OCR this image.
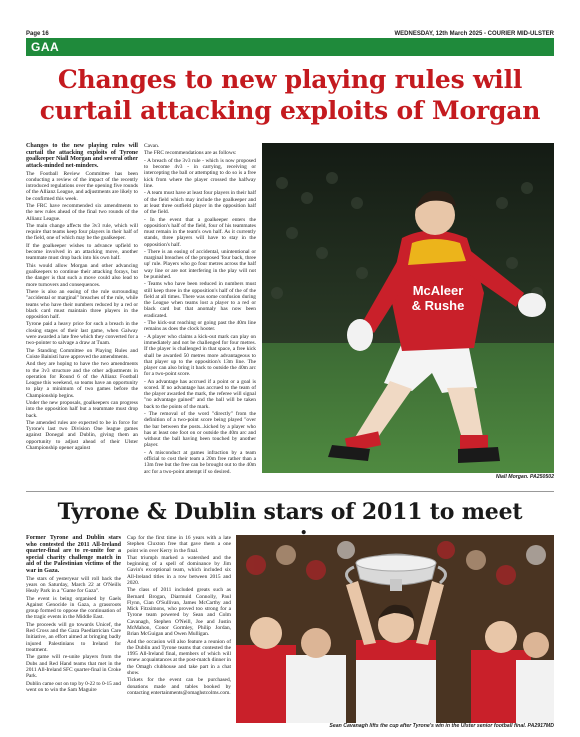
Page 16	WEDNESDAY, 12th March 2025 - COURIER MID-ULSTER
GAA
Changes to new playing rules will curtail attacking exploits of Morgan

Changes to the new playing rules will curtail the attacking exploits of Tyrone goalkeeper Niall Morgan and several other attack-minded net-minders.

The Football Review Committee has been conducting a review of the impact of the recently introduced regulations over the opening five rounds of the Allianz League, and adjustments are likely to be confirmed this week.

The FRC have recommended six amendments to the new rules ahead of the final two rounds of the Allianz League.

The main change affects the 3v3 rule, which will require that teams keep four players in their half of the field, one of which may be the goalkeeper.

If the goalkeeper wishes to advance upfield to become involved in an attacking move, another teammate must drop back into his own half.

This would allow Morgan and other advancing goalkeepers to continue their attacking forays, but the danger is that such a move could also lead to more turnovers and consequences.

There is also an easing of the rule surrounding "accidental or marginal" breaches of the rule, while teams who have their numbers reduced by a red or black card must maintain three players in the opposition half.

Tyrone paid a heavy price for such a breach in the closing stages of their last game, when Galway were awarded a late free which they converted for a two-pointer to salvage a draw at Tuam.

The Standing Committee on Playing Rules and Coiste Bainistí have approved the amendments.

And they are hoping to have the two amendments to the 3v3 structure and the other adjustments in operation for Round 6 of the Allianz Football League this weekend, so teams have an opportunity to play a minimum of two games before the Championship begins.

Under the new proposals, goalkeepers can progress into the opposition half but a teammate must drop back.

The amended rules are expected to be in force for Tyrone's last two Division One league games against Donegal and Dublin, giving them an opportunity to adjust ahead of their Ulster Championship opener against

Cavan.

The FRC recommendations are as follows:

- A breach of the 3v3 rule - which is now proposed to become 4v3 - in carrying, receiving or intercepting the ball or attempting to do so is a free kick from where the player crossed the halfway line.

- A team must have at least four players in their half of the field which may include the goalkeeper and at least three outfield player in the opposition half of the field.

- In the event that a goalkeeper enters the opposition's half of the field, four of his teammates must remain in the team's own half. As it currently stands, three players will have to stay in the opposition's half.

- There is an easing of accidental, unintentional or marginal breaches of the proposed 'four back, three up' rule. Players who go four metres across the half way line or are not interfering in the play will not be punished.

- Teams who have been reduced in numbers must still keep three in the opposition's half of the of the field at all times. There was some confusion during the League when teams lost a player to a red or black card but that anomaly has now been eradicated.

- The kick-out reaching or going past the 40m line remains as does the clock hooter.

- A player who claims a kick-out mark can play on immediately and not be challenged for four metres. If the player is challenged in that space, a free kick shall be awarded 50 metres more advantageous to that player up to the opposition's 13m line. The player can also bring it back to outside the 40m arc for a two-point score.

- An advantage has accrued if a point or a goal is scored. If no advantage has accrued to the team of the player awarded the mark, the referee will signal "no advantage gained" and the ball will be taken back to the points of the mark.

- The removal of the word "directly" from the definition of a two-point score being played "over the bar between the posts...kicked by a player who has at least one foot on or outside the 40m arc and without the ball having been touched by another player.

- A misconduct at games infraction by a team official to cost their team a 20m free rather than a 13m free but the free can be brought out to the 40m arc for a two-point attempt if so desired.

McAleer
& Rushe
Niall Morgan. PA250502
Tyrone & Dublin stars of 2011 to meet

Former Tyrone and Dublin stars who contested the 2011 All-Ireland quarter-final are to re-unite for a special charity challenge match in aid of the Palestinian victims of the war in Gaza.

The stars of yesteryear will roll back the years on Saturday, March 22 at O'Neills Healy Park in a "Game for Gaza".

The event is being organised by Gaels Against Genocide in Gaza, a grassroots group formed to oppose the continuation of the tragic events in the Middle East.

The proceeds will go towards Unicef, the Red Cross and the Gaza Paediatrician Care Initiative, an effort aimed at bringing badly injured Palestinians to Ireland for treatment.

The game will re-unite players from the Dubs and Red Hand teams that met in the 2011 All-Ireland SFC quarter-final in Croke Park.

Dublin came out on top by 0-22 to 0-15 and went on to win the Sam Maguire

Cup for the first time in 16 years with a late Stephen Cluxton free that gave them a one point win over Kerry in the final.

That triumph marked a watershed and the beginning of a spell of dominance by Jim Gavin's exceptional team, which included six All-Ireland titles in a row between 2015 and 2020.

The class of 2011 included greats such as Bernard Brogan, Diarmuid Connolly, Paul Flynn, Cian O'Sullivan, James McCarthy and Mick Fitzsimons, who proved too strong for a Tyrone team powered by Sean and Colm Cavanagh, Stephen O'Neill, Joe and Justin McMahon, Conor Gormley, Philip Jordan, Brian McGuigan and Owen Mulligan.

And the occasion will also feature a reunion of the Dublin and Tyrone teams that contested the 1995 All-Ireland final, members of which will renew acquaintances at the post-match dinner in the Omagh clubhouse and take part in a chat show.

Tickets for the event can be purchased, donations made and tables booked by contacting entertainments@omaghstcolms.com.

Sean Cavanagh lifts the cup after Tyrone's win in the Ulster senior football final. PA2917MD
